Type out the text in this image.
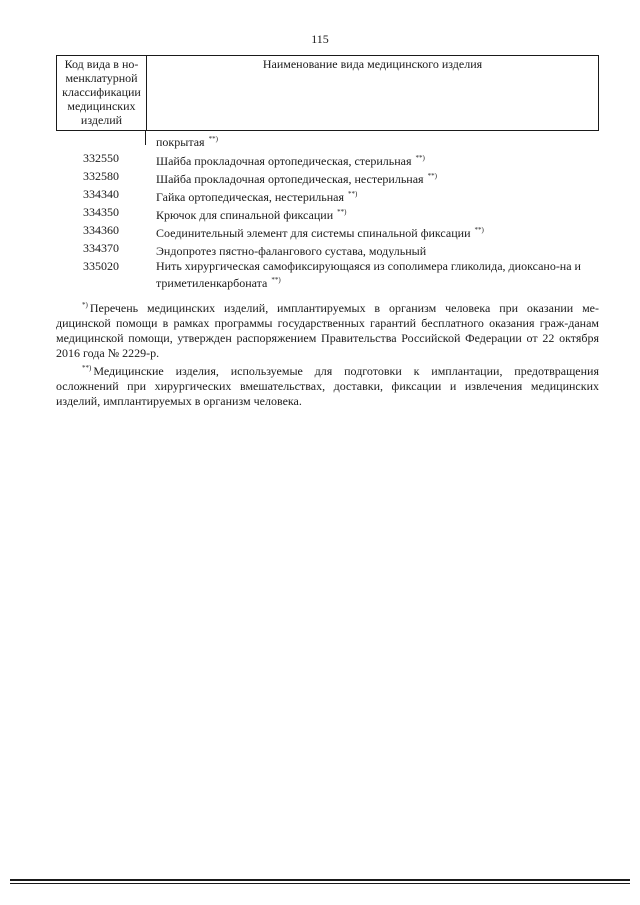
115
Код вида в но-менклатурной классификации медицинских изделий
Наименование вида медицинского изделия
покрытая **)
332550	Шайба прокладочная ортопедическая, стерильная **)
332580	Шайба прокладочная ортопедическая, нестерильная **)
334340	Гайка ортопедическая, нестерильная **)
334350	Крючок для спинальной фиксации **)
334360	Соединительный элемент для системы спинальной фиксации **)
334370	Эндопротез пястно-фалангового сустава, модульный
335020	Нить хирургическая самофиксирующаяся из сополимера гликолида, диоксано-на и триметиленкарбоната **)

*) Перечень медицинских изделий, имплантируемых в организм человека при оказании ме-дицинской помощи в рамках программы государственных гарантий бесплатного оказания граж-данам медицинской помощи, утвержден распоряжением Правительства Российской Федерации от 22 октября 2016 года № 2229-р.

**) Медицинские изделия, используемые для подготовки к имплантации, предотвращения осложнений при хирургических вмешательствах, доставки, фиксации и извлечения медицинских изделий, имплантируемых в организм человека.
